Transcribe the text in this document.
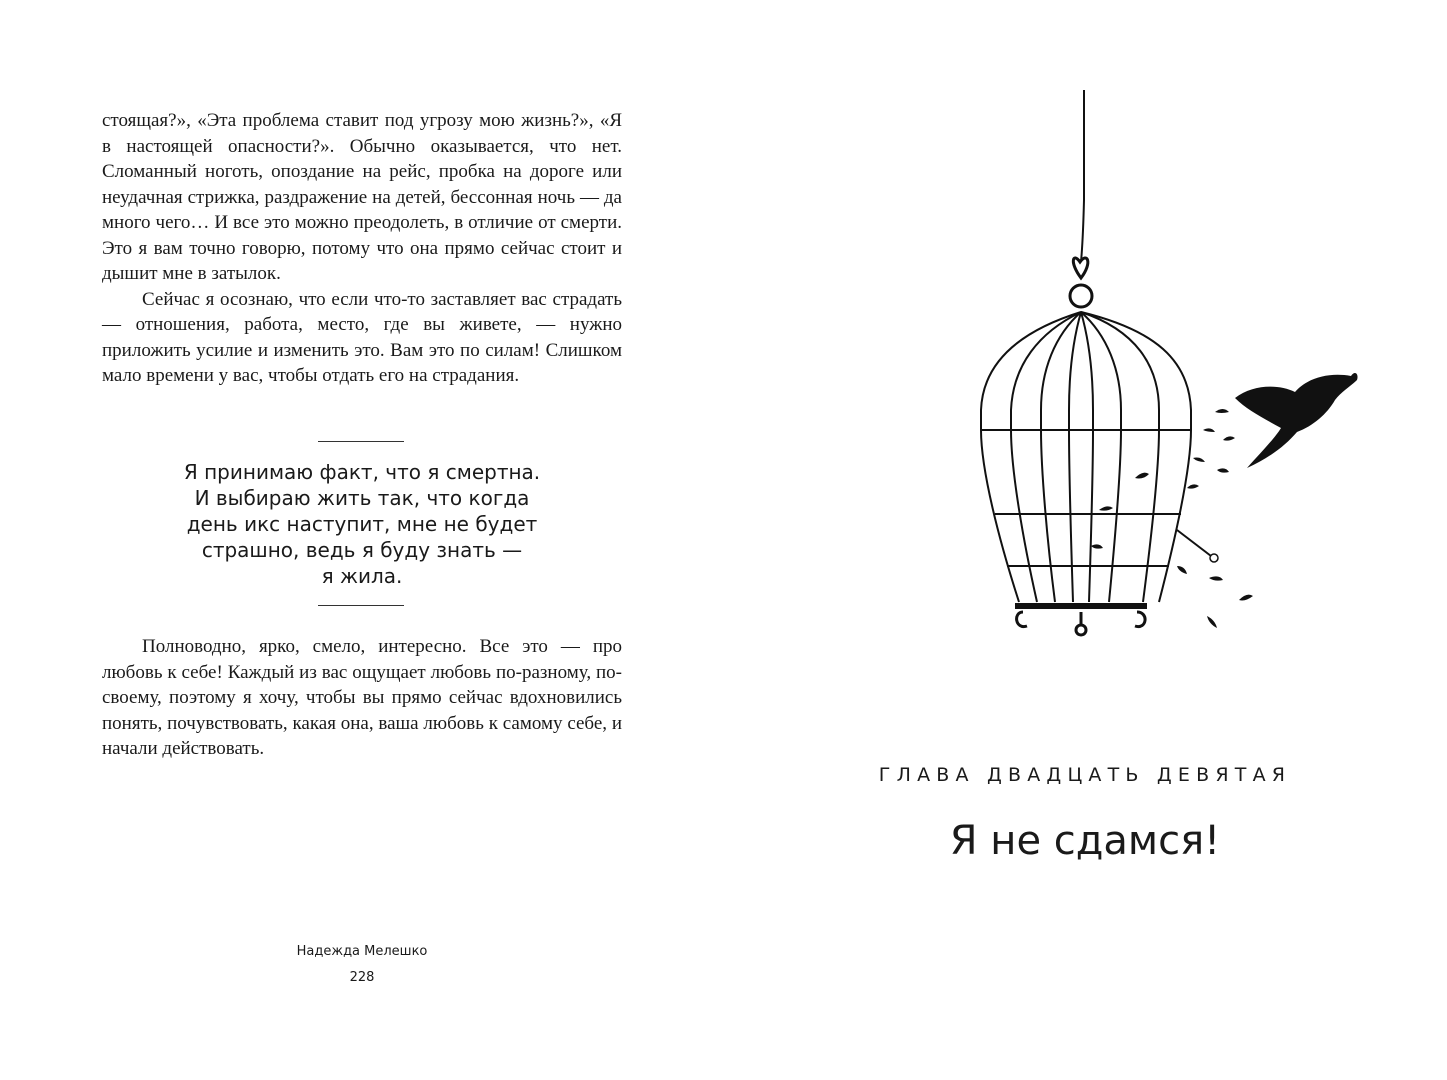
стоящая?», «Эта проблема ставит под угрозу мою жизнь?», «Я в настоящей опасности?». Обычно оказывается, что нет. Сломанный ноготь, опоздание на рейс, пробка на дороге или неудачная стрижка, раздражение на детей, бессонная ночь — да много чего… И все это можно преодолеть, в отличие от смерти. Это я вам точно говорю, потому что она прямо сейчас стоит и дышит мне в затылок.

Сейчас я осознаю, что если что-то заставляет вас страдать — отношения, работа, место, где вы живете, — нужно приложить усилие и изменить это. Вам это по силам! Слишком мало времени у вас, чтобы отдать его на страдания.

Я принимаю факт, что я смертна.
И выбираю жить так, что когда
день икс наступит, мне не будет
страшно, ведь я буду знать —
я жила.

Полноводно, ярко, смело, интересно. Все это — про любовь к себе! Каждый из вас ощущает любовь по-разному, по-своему, поэтому я хочу, чтобы вы прямо сейчас вдохновились понять, почувствовать, какая она, ваша любовь к самому себе, и начали действовать.

Надежда Мелешко
228
ГЛАВА ДВАДЦАТЬ ДЕВЯТАЯ
Я не сдамся!
